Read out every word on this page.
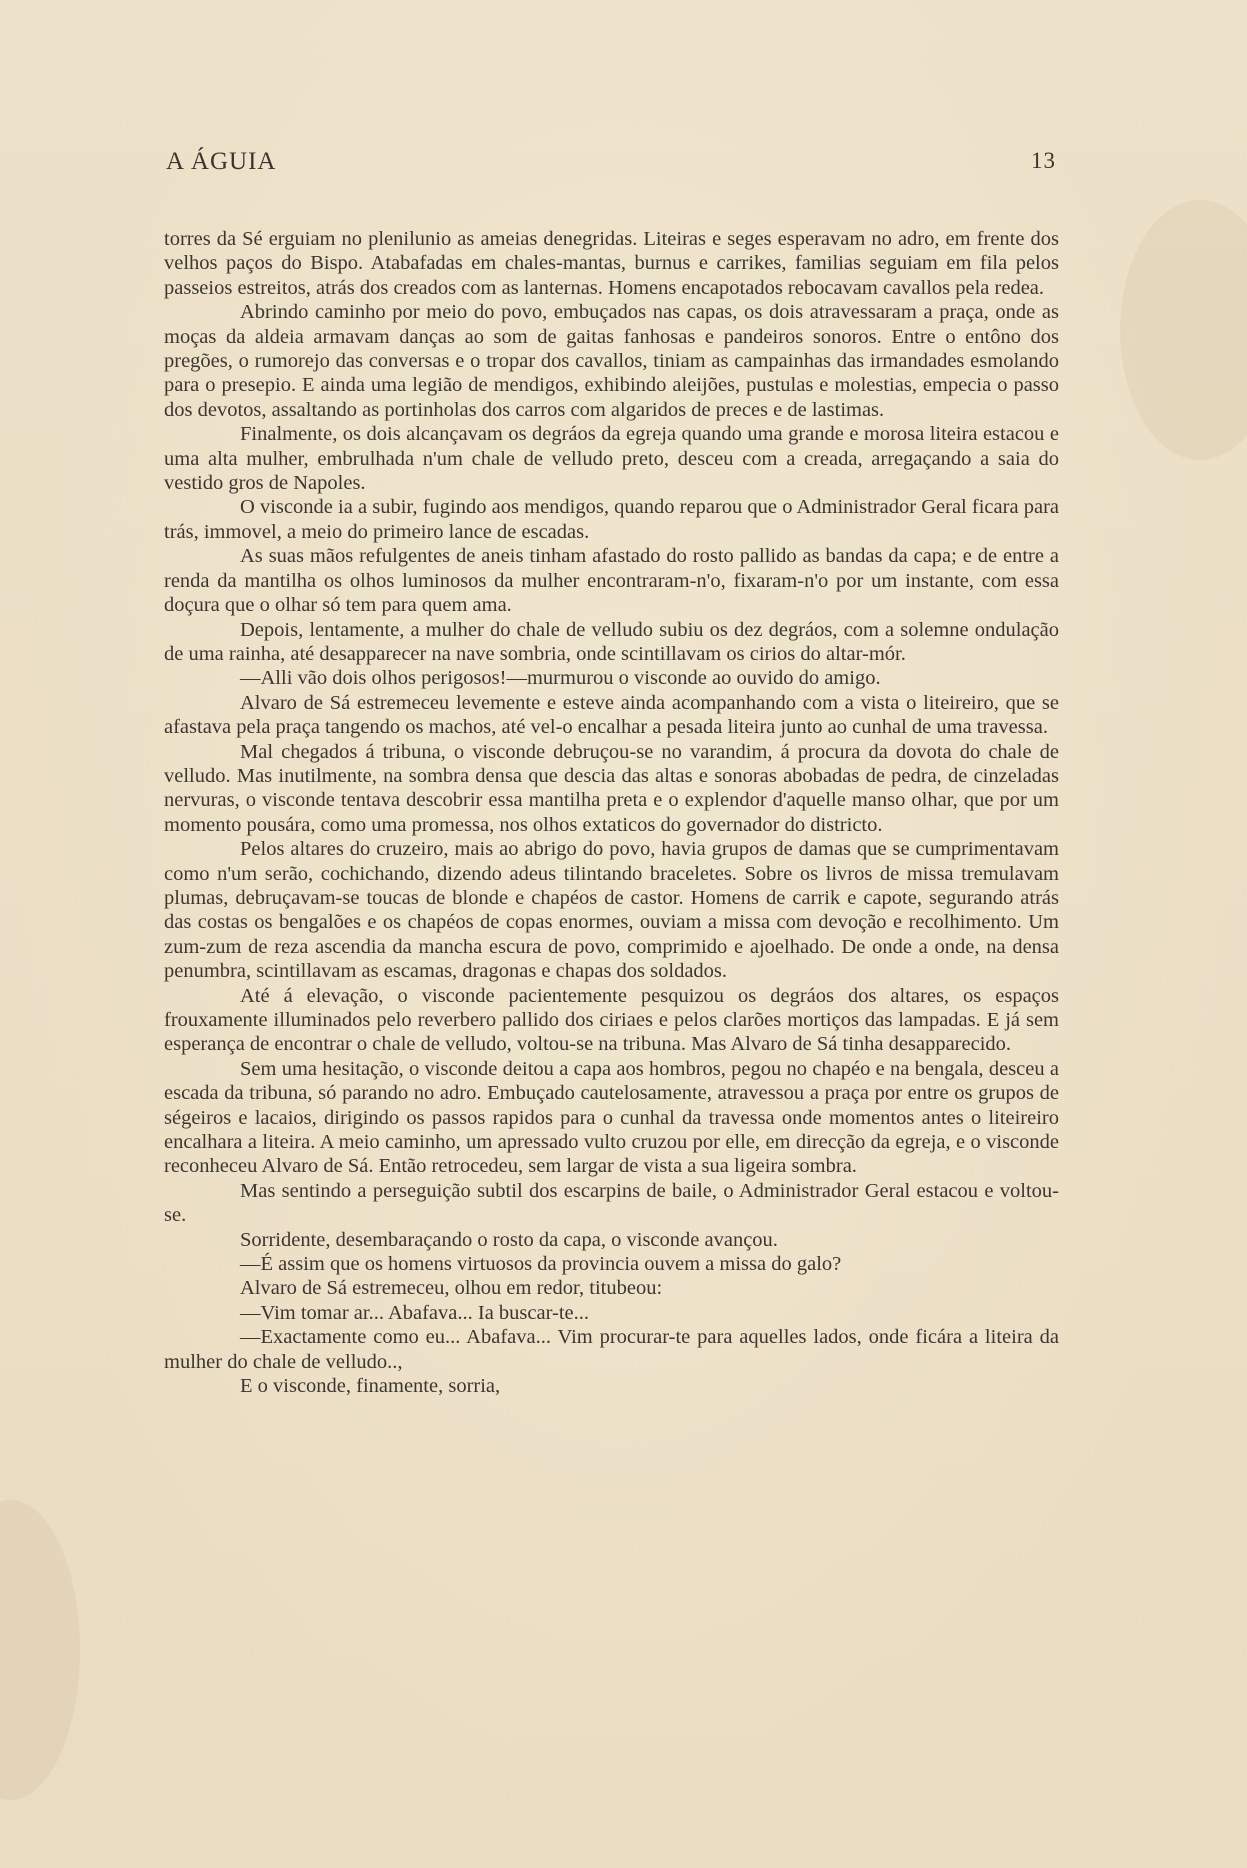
A ÁGUIA	13

torres da Sé erguiam no plenilunio as ameias denegridas. Liteiras e seges esperavam no adro, em frente dos velhos paços do Bispo. Atabafadas em chales-mantas, burnus e carrikes, familias seguiam em fila pelos passeios estreitos, atrás dos creados com as lanternas. Homens encapotados rebocavam cavallos pela redea.

Abrindo caminho por meio do povo, embuçados nas capas, os dois atravessaram a praça, onde as moças da aldeia armavam danças ao som de gaitas fanhosas e pandeiros sonoros. Entre o entôno dos pregões, o rumorejo das conversas e o tropar dos cavallos, tiniam as campainhas das irmandades esmolando para o presepio. E ainda uma legião de mendigos, exhibindo aleijões, pustulas e molestias, empecia o passo dos devotos, assaltando as portinholas dos carros com algaridos de preces e de lastimas.

Finalmente, os dois alcançavam os degráos da egreja quando uma grande e morosa liteira estacou e uma alta mulher, embrulhada n'um chale de velludo preto, desceu com a creada, arregaçando a saia do vestido gros de Napoles.

O visconde ia a subir, fugindo aos mendigos, quando reparou que o Administrador Geral ficara para trás, immovel, a meio do primeiro lance de escadas.

As suas mãos refulgentes de aneis tinham afastado do rosto pallido as bandas da capa; e de entre a renda da mantilha os olhos luminosos da mulher encontraram-n'o, fixaram-n'o por um instante, com essa doçura que o olhar só tem para quem ama.

Depois, lentamente, a mulher do chale de velludo subiu os dez degráos, com a solemne ondulação de uma rainha, até desapparecer na nave sombria, onde scintillavam os cirios do altar-mór.

—Alli vão dois olhos perigosos!—murmurou o visconde ao ouvido do amigo.

Alvaro de Sá estremeceu levemente e esteve ainda acompanhando com a vista o liteireiro, que se afastava pela praça tangendo os machos, até vel-o encalhar a pesada liteira junto ao cunhal de uma travessa.

Mal chegados á tribuna, o visconde debruçou-se no varandim, á procura da dovota do chale de velludo. Mas inutilmente, na sombra densa que descia das altas e sonoras abobadas de pedra, de cinzeladas nervuras, o visconde tentava descobrir essa mantilha preta e o explendor d'aquelle manso olhar, que por um momento pousára, como uma promessa, nos olhos extaticos do governador do districto.

Pelos altares do cruzeiro, mais ao abrigo do povo, havia grupos de damas que se cumprimentavam como n'um serão, cochichando, dizendo adeus tilintando braceletes. Sobre os livros de missa tremulavam plumas, debruçavam-se toucas de blonde e chapéos de castor. Homens de carrik e capote, segurando atrás das costas os bengalões e os chapéos de copas enormes, ouviam a missa com devoção e recolhimento. Um zum-zum de reza ascendia da mancha escura de povo, comprimido e ajoelhado. De onde a onde, na densa penumbra, scintillavam as escamas, dragonas e chapas dos soldados.

Até á elevação, o visconde pacientemente pesquizou os degráos dos altares, os espaços frouxamente illuminados pelo reverbero pallido dos ciriaes e pelos clarões mortiços das lampadas. E já sem esperança de encontrar o chale de velludo, voltou-se na tribuna. Mas Alvaro de Sá tinha desapparecido.

Sem uma hesitação, o visconde deitou a capa aos hombros, pegou no chapéo e na bengala, desceu a escada da tribuna, só parando no adro. Embuçado cautelosamente, atravessou a praça por entre os grupos de ségeiros e lacaios, dirigindo os passos rapidos para o cunhal da travessa onde momentos antes o liteireiro encalhara a liteira. A meio caminho, um apressado vulto cruzou por elle, em direcção da egreja, e o visconde reconheceu Alvaro de Sá. Então retrocedeu, sem largar de vista a sua ligeira sombra.

Mas sentindo a perseguição subtil dos escarpins de baile, o Administrador Geral estacou e voltou-se.

Sorridente, desembaraçando o rosto da capa, o visconde avançou.

—É assim que os homens virtuosos da provincia ouvem a missa do galo?

Alvaro de Sá estremeceu, olhou em redor, titubeou:

—Vim tomar ar... Abafava... Ia buscar-te...

—Exactamente como eu... Abafava... Vim procurar-te para aquelles lados, onde ficára a liteira da mulher do chale de velludo..,

E o visconde, finamente, sorria,
